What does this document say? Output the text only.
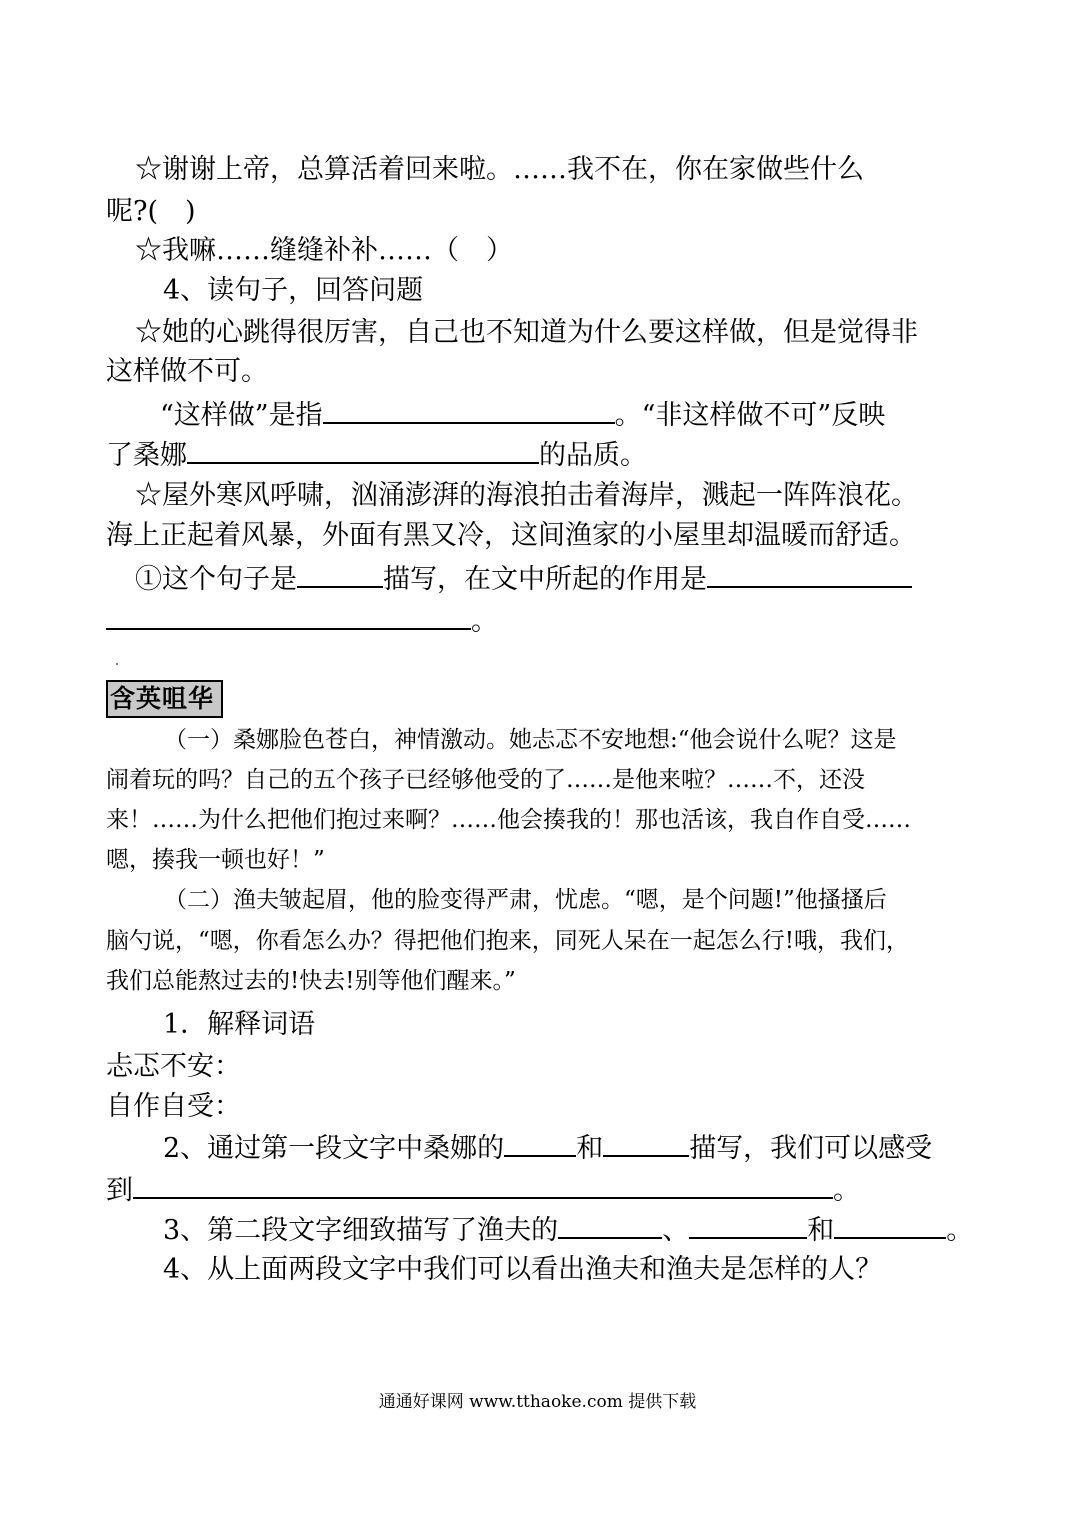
☆谢谢上帝，总算活着回来啦。……我不在，你在家做些什么
呢?(　)
☆我嘛……缝缝补补……（　）
4、读句子，回答问题
☆她的心跳得很厉害，自己也不知道为什么要这样做，但是觉得非
这样做不可。
“这样做”是指	。“非这样做不可”反映
了桑娜	的品质。
☆屋外寒风呼啸，汹涌澎湃的海浪拍击着海岸，溅起一阵阵浪花。
海上正起着风暴，外面有黑又冷，这间渔家的小屋里却温暖而舒适。
①这个句子是	描写，在文中所起的作用是
。
含英咀华
（一）桑娜脸色苍白，神情激动。她忐忑不安地想:“他会说什么呢？这是
闹着玩的吗？自己的五个孩子已经够他受的了……是他来啦？……不，还没
来！……为什么把他们抱过来啊？……他会揍我的！那也活该，我自作自受……
嗯，揍我一顿也好！”
（二）渔夫皱起眉，他的脸变得严肃，忧虑。“嗯，是个问题!”他搔搔后
脑勺说，“嗯，你看怎么办？得把他们抱来，同死人呆在一起怎么行!哦，我们，
我们总能熬过去的!快去!别等他们醒来。”
1．解释词语
忐忑不安：
自作自受：
2、通过第一段文字中桑娜的	和	描写，我们可以感受
到	。
3、第二段文字细致描写了渔夫的	、	和	。
4、从上面两段文字中我们可以看出渔夫和渔夫是怎样的人？
通通好课网 www.tthaoke.com 提供下载
